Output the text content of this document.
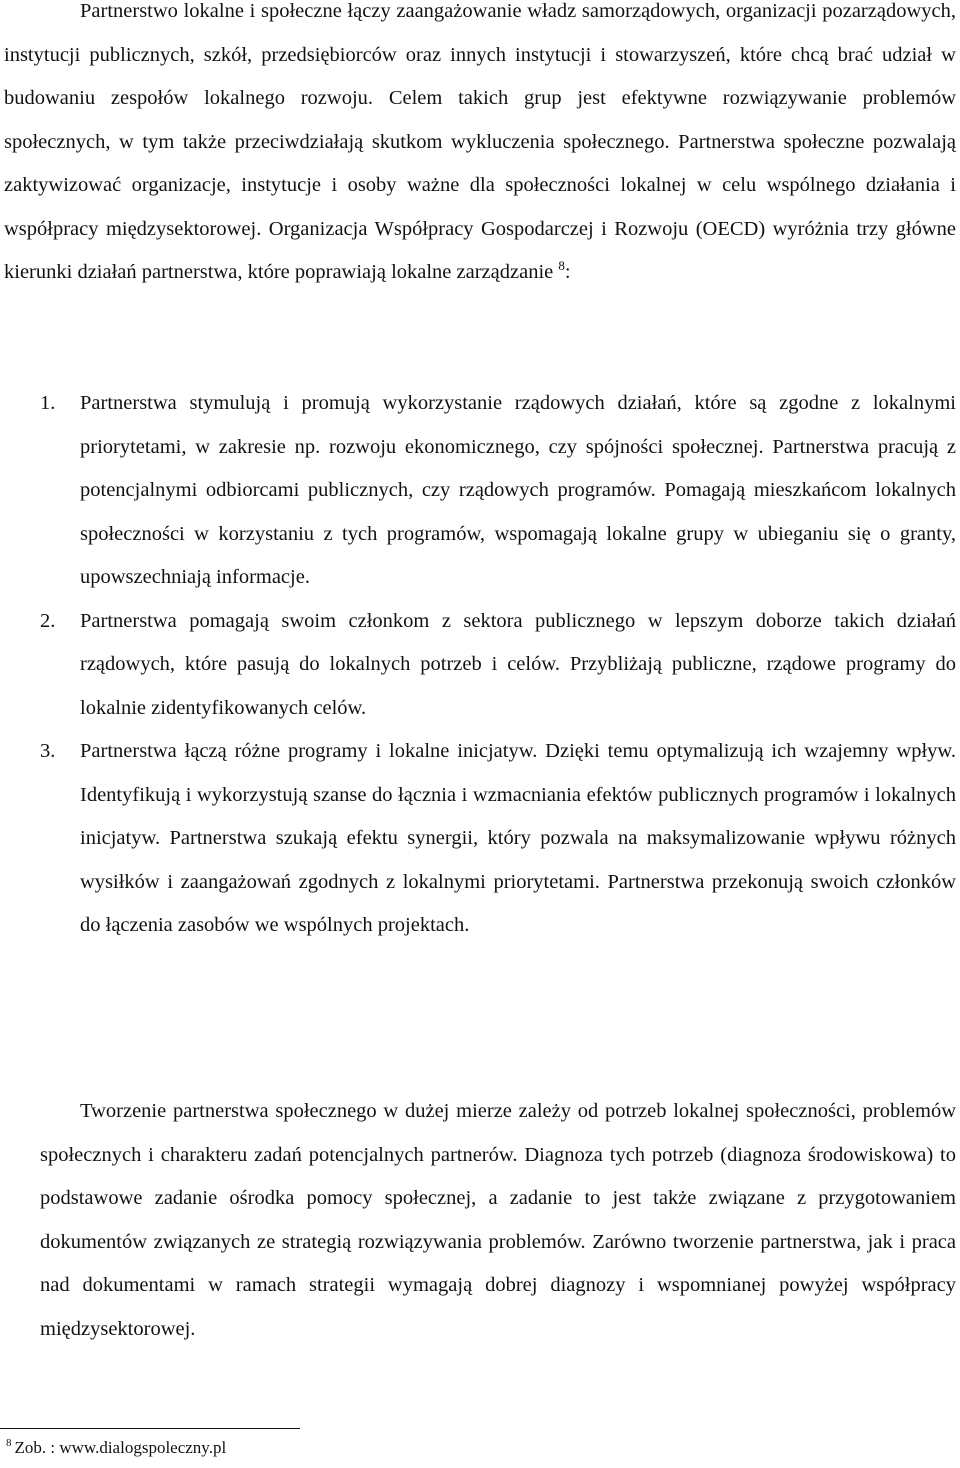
Partnerstwo lokalne i społeczne łączy zaangażowanie władz samorządowych, organizacji pozarządowych, instytucji publicznych, szkół, przedsiębiorców oraz innych instytucji i stowarzyszeń, które chcą brać udział w budowaniu zespołów lokalnego rozwoju. Celem takich grup jest efektywne rozwiązywanie problemów społecznych, w tym także przeciwdziałają skutkom wykluczenia społecznego. Partnerstwa społeczne pozwalają zaktywizować organizacje, instytucje i osoby ważne dla społeczności lokalnej w celu wspólnego działania i współpracy międzysektorowej. Organizacja Współpracy Gospodarczej i Rozwoju (OECD) wyróżnia trzy główne kierunki działań partnerstwa, które poprawiają lokalne zarządzanie $^8$:

1. Partnerstwa stymulują i promują wykorzystanie rządowych działań, które są zgodne z lokalnymi priorytetami, w zakresie np. rozwoju ekonomicznego, czy spójności społecznej. Partnerstwa pracują z potencjalnymi odbiorcami publicznych, czy rządowych programów. Pomagają mieszkańcom lokalnych społeczności w korzystaniu z tych programów, wspomagają lokalne grupy w ubieganiu się o granty, upowszechniają informacje.
2. Partnerstwa pomagają swoim członkom z sektora publicznego w lepszym doborze takich działań rządowych, które pasują do lokalnych potrzeb i celów. Przybliżają publiczne, rządowe programy do lokalnie zidentyfikowanych celów.
3. Partnerstwa łączą różne programy i lokalne inicjatyw. Dzięki temu optymalizują ich wzajemny wpływ. Identyfikują i wykorzystują szanse do łącznia i wzmacniania efektów publicznych programów i lokalnych inicjatyw. Partnerstwa szukają efektu synergii, który pozwala na maksymalizowanie wpływu różnych wysiłków i zaangażowań zgodnych z lokalnymi priorytetami. Partnerstwa przekonują swoich członków do łączenia zasobów we wspólnych projektach.

Tworzenie partnerstwa społecznego w dużej mierze zależy od potrzeb lokalnej społeczności, problemów społecznych i charakteru zadań potencjalnych partnerów. Diagnoza tych potrzeb (diagnoza środowiskowa) to podstawowe zadanie ośrodka pomocy społecznej, a zadanie to jest także związane z przygotowaniem dokumentów związanych ze strategią rozwiązywania problemów. Zarówno tworzenie partnerstwa, jak i praca nad dokumentami w ramach strategii wymagają dobrej diagnozy i wspomnianej powyżej współpracy międzysektorowej.

$^8$ Zob. : www.dialogspoleczny.pl
